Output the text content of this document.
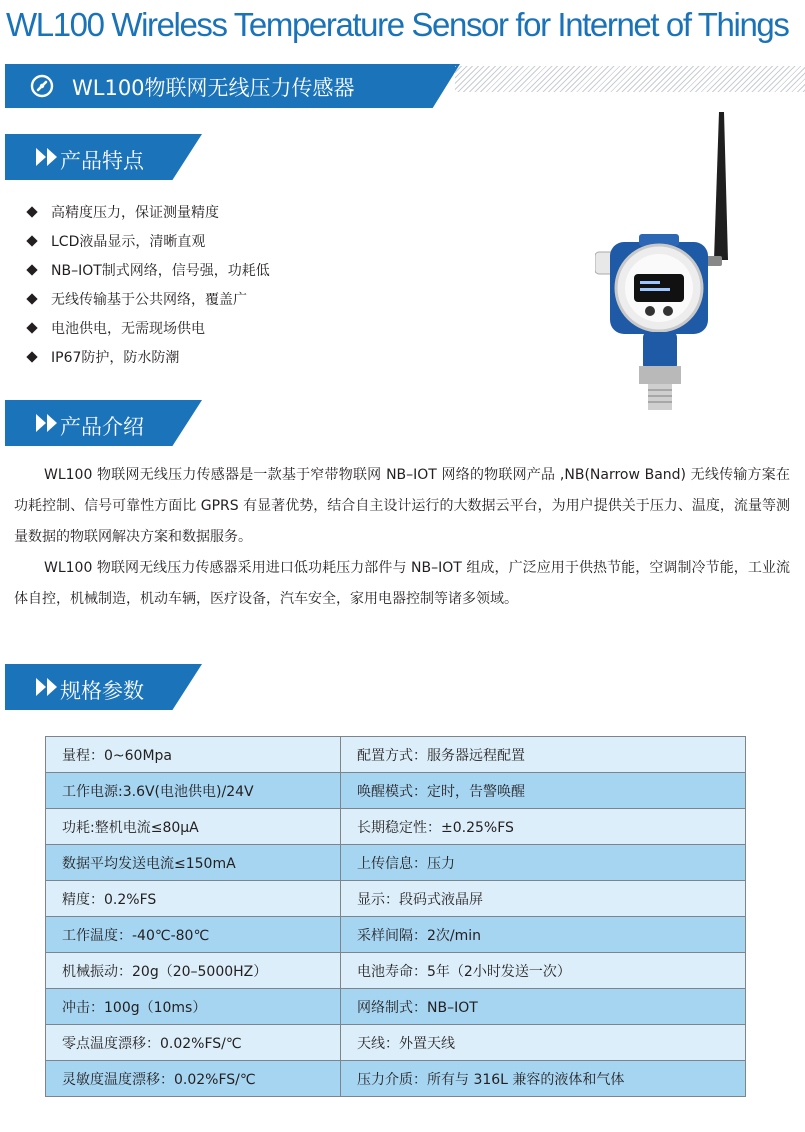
WL100 Wireless Temperature Sensor for Internet of Things
WL100物联网无线压力传感器
产品特点
高精度压力，保证测量精度
LCD液晶显示，清晰直观
NB–IOT制式网络，信号强，功耗低
无线传输基于公共网络，覆盖广
电池供电，无需现场供电
IP67防护，防水防潮
产品介绍

WL100 物联网无线压力传感器是一款基于窄带物联网 NB–IOT 网络的物联网产品 ,NB(Narrow Band) 无线传输方案在功耗控制、信号可靠性方面比 GPRS 有显著优势，结合自主设计运行的大数据云平台，为用户提供关于压力、温度，流量等测量数据的物联网解决方案和数据服务。

WL100 物联网无线压力传感器采用进口低功耗压力部件与 NB–IOT 组成，广泛应用于供热节能，空调制冷节能，工业流体自控，机械制造，机动车辆，医疗设备，汽车安全，家用电器控制等诸多领域。

规格参数
量程：0~60Mpa	配置方式：服务器远程配置
工作电源:3.6V(电池供电)/24V	唤醒模式：定时，告警唤醒
功耗:整机电流≤80μA	长期稳定性：±0.25%FS
数据平均发送电流≤150mA	上传信息：压力
精度：0.2%FS	显示：段码式液晶屏
工作温度：-40℃-80℃	采样间隔：2次/min
机械振动：20g（20–5000HZ）	电池寿命：5年（2小时发送一次）
冲击：100g（10ms）	网络制式：NB–IOT
零点温度漂移：0.02%FS/℃	天线：外置天线
灵敏度温度漂移：0.02%FS/℃	压力介质：所有与 316L 兼容的液体和气体
